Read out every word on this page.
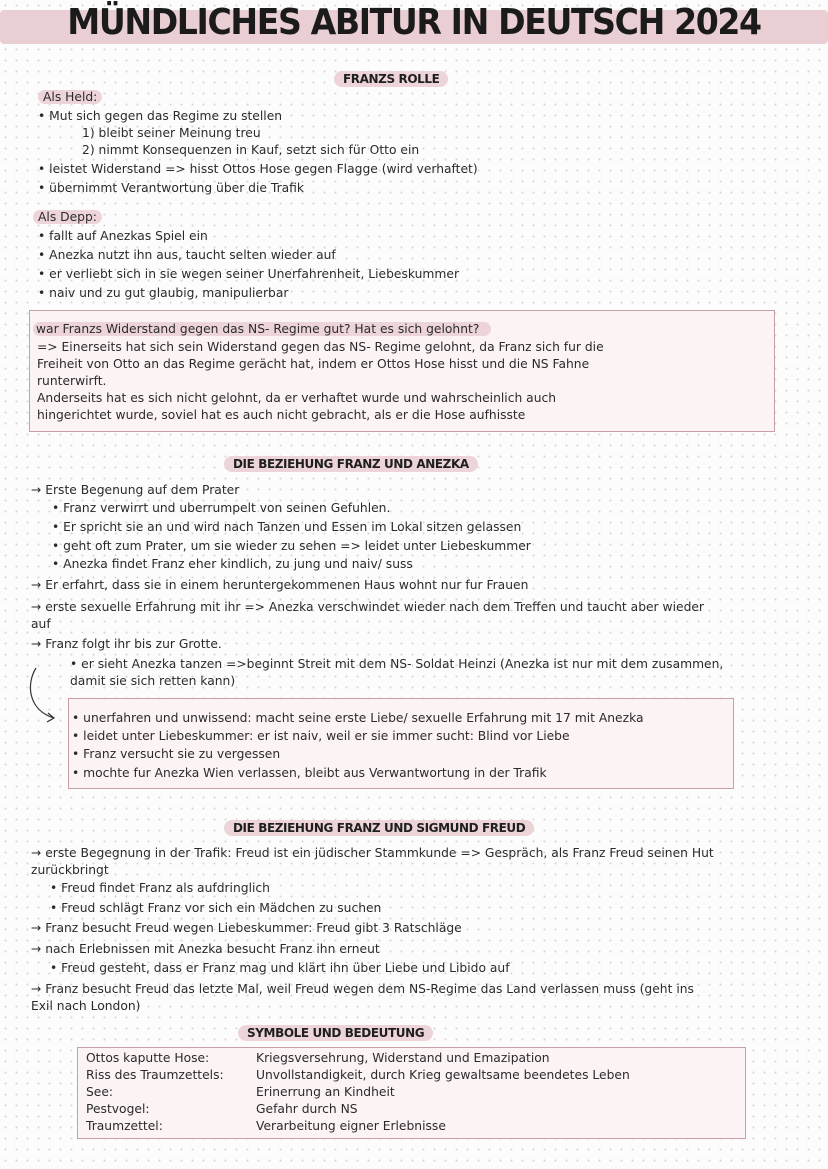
MÜNDLICHES ABITUR IN DEUTSCH 2024
FRANZS ROLLE
Als Held:
• Mut sich gegen das Regime zu stellen
1) bleibt seiner Meinung treu
2) nimmt Konsequenzen in Kauf, setzt sich für Otto ein
• leistet Widerstand => hisst Ottos Hose gegen Flagge (wird verhaftet)
• übernimmt Verantwortung über die Trafik
Als Depp:
• fallt auf Anezkas Spiel ein
• Anezka nutzt ihn aus, taucht selten wieder auf
• er verliebt sich in sie wegen seiner Unerfahrenheit, Liebeskummer
• naiv und zu gut glaubig, manipulierbar
war Franzs Widerstand gegen das NS- Regime gut? Hat es sich gelohnt?
=> Einerseits hat sich sein Widerstand gegen das NS- Regime gelohnt, da Franz sich fur die
Freiheit von Otto an das Regime gerächt hat, indem er Ottos Hose hisst und die NS Fahne
runterwirft.
Anderseits hat es sich nicht gelohnt, da er verhaftet wurde und wahrscheinlich auch
hingerichtet wurde, soviel hat es auch nicht gebracht, als er die Hose aufhisste
DIE BEZIEHUNG FRANZ UND ANEZKA
→ Erste Begenung auf dem Prater
• Franz verwirrt und uberrumpelt von seinen Gefuhlen.
• Er spricht sie an und wird nach Tanzen und Essen im Lokal sitzen gelassen
• geht oft zum Prater, um sie wieder zu sehen => leidet unter Liebeskummer
• Anezka findet Franz eher kindlich, zu jung und naiv/ suss
→ Er erfahrt, dass sie in einem heruntergekommenen Haus wohnt nur fur Frauen
→ erste sexuelle Erfahrung mit ihr => Anezka verschwindet wieder nach dem Treffen und taucht aber wieder
auf
→ Franz folgt ihr bis zur Grotte.
• er sieht Anezka tanzen =>beginnt Streit mit dem NS- Soldat Heinzi (Anezka ist nur mit dem zusammen,
damit sie sich retten kann)
• unerfahren und unwissend: macht seine erste Liebe/ sexuelle Erfahrung mit 17 mit Anezka
• leidet unter Liebeskummer: er ist naiv, weil er sie immer sucht: Blind vor Liebe
• Franz versucht sie zu vergessen
• mochte fur Anezka Wien verlassen, bleibt aus Verwantwortung in der Trafik
DIE BEZIEHUNG FRANZ UND SIGMUND FREUD
→ erste Begegnung in der Trafik: Freud ist ein jüdischer Stammkunde => Gespräch, als Franz Freud seinen Hut
zurückbringt
• Freud findet Franz als aufdringlich
• Freud schlägt Franz vor sich ein Mädchen zu suchen
→ Franz besucht Freud wegen Liebeskummer: Freud gibt 3 Ratschläge
→ nach Erlebnissen mit Anezka besucht Franz ihn erneut
• Freud gesteht, dass er Franz mag und klärt ihn über Liebe und Libido auf
→ Franz besucht Freud das letzte Mal, weil Freud wegen dem NS-Regime das Land verlassen muss (geht ins
Exil nach London)
SYMBOLE UND BEDEUTUNG
Ottos kaputte Hose:	Kriegsversehrung, Widerstand und Emazipation
Riss des Traumzettels:	Unvollstandigkeit, durch Krieg gewaltsame beendetes Leben
See:	Erinerrung an Kindheit
Pestvogel:	Gefahr durch NS
Traumzettel:	Verarbeitung eigner Erlebnisse
